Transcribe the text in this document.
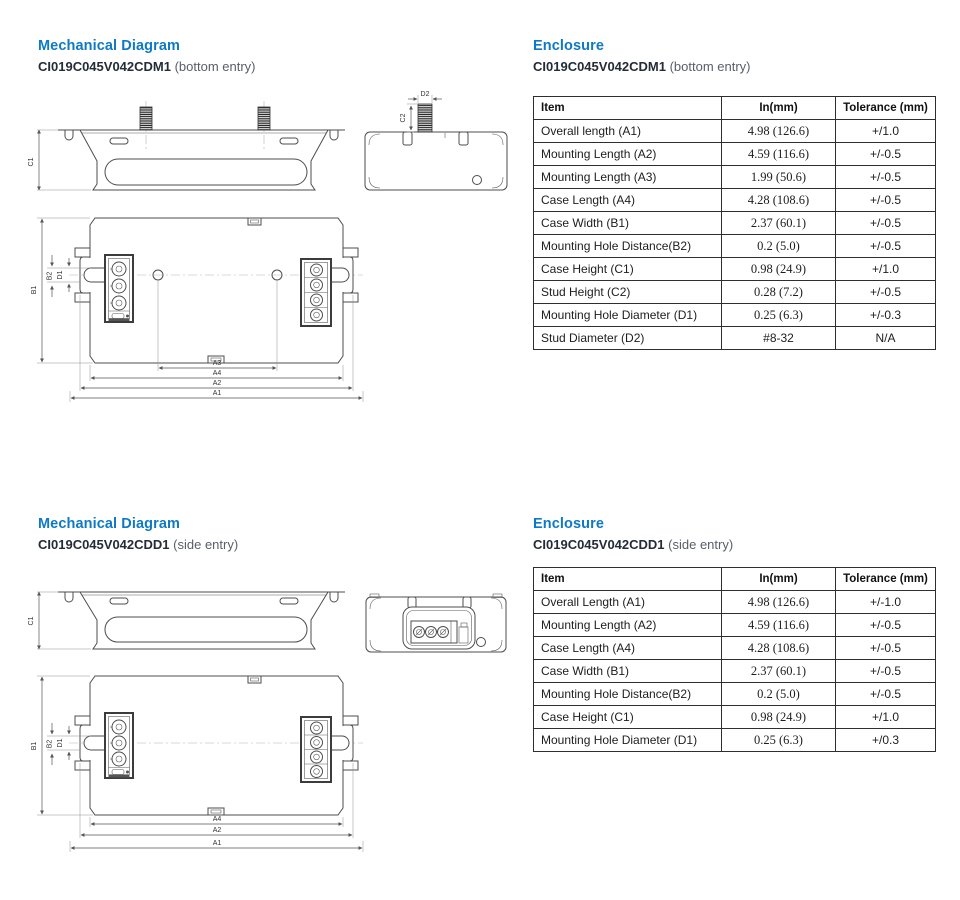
Mechanical Diagram
CI019C045V042CDM1 (bottom entry)
Enclosure
CI019C045V042CDM1 (bottom entry)
Item	In(mm)	Tolerance (mm)
Overall length (A1)	4.98 (126.6)	+/1.0
Mounting Length (A2)	4.59 (116.6)	+/-0.5
Mounting Length (A3)	1.99 (50.6)	+/-0.5
Case Length (A4)	4.28 (108.6)	+/-0.5
Case Width (B1)	2.37 (60.1)	+/-0.5
Mounting Hole Distance(B2)	0.2 (5.0)	+/-0.5
Case Height (C1)	0.98 (24.9)	+/1.0
Stud Height (C2)	0.28 (7.2)	+/-0.5
Mounting Hole Diameter (D1)	0.25 (6.3)	+/-0.3
Stud Diameter (D2)	#8-32	N/A
C1
D2
C2
B1
D1
B2
A3
A4
A2
A1
Mechanical Diagram
CI019C045V042CDD1 (side entry)
Enclosure
CI019C045V042CDD1 (side entry)
Item	In(mm)	Tolerance (mm)
Overall Length (A1)	4.98 (126.6)	+/-1.0
Mounting Length (A2)	4.59 (116.6)	+/-0.5
Case Length (A4)	4.28 (108.6)	+/-0.5
Case Width (B1)	2.37 (60.1)	+/-0.5
Mounting Hole Distance(B2)	0.2 (5.0)	+/-0.5
Case Height (C1)	0.98 (24.9)	+/1.0
Mounting Hole Diameter (D1)	0.25 (6.3)	+/0.3
C1
B1	D1
B2
A4
A2
A1
